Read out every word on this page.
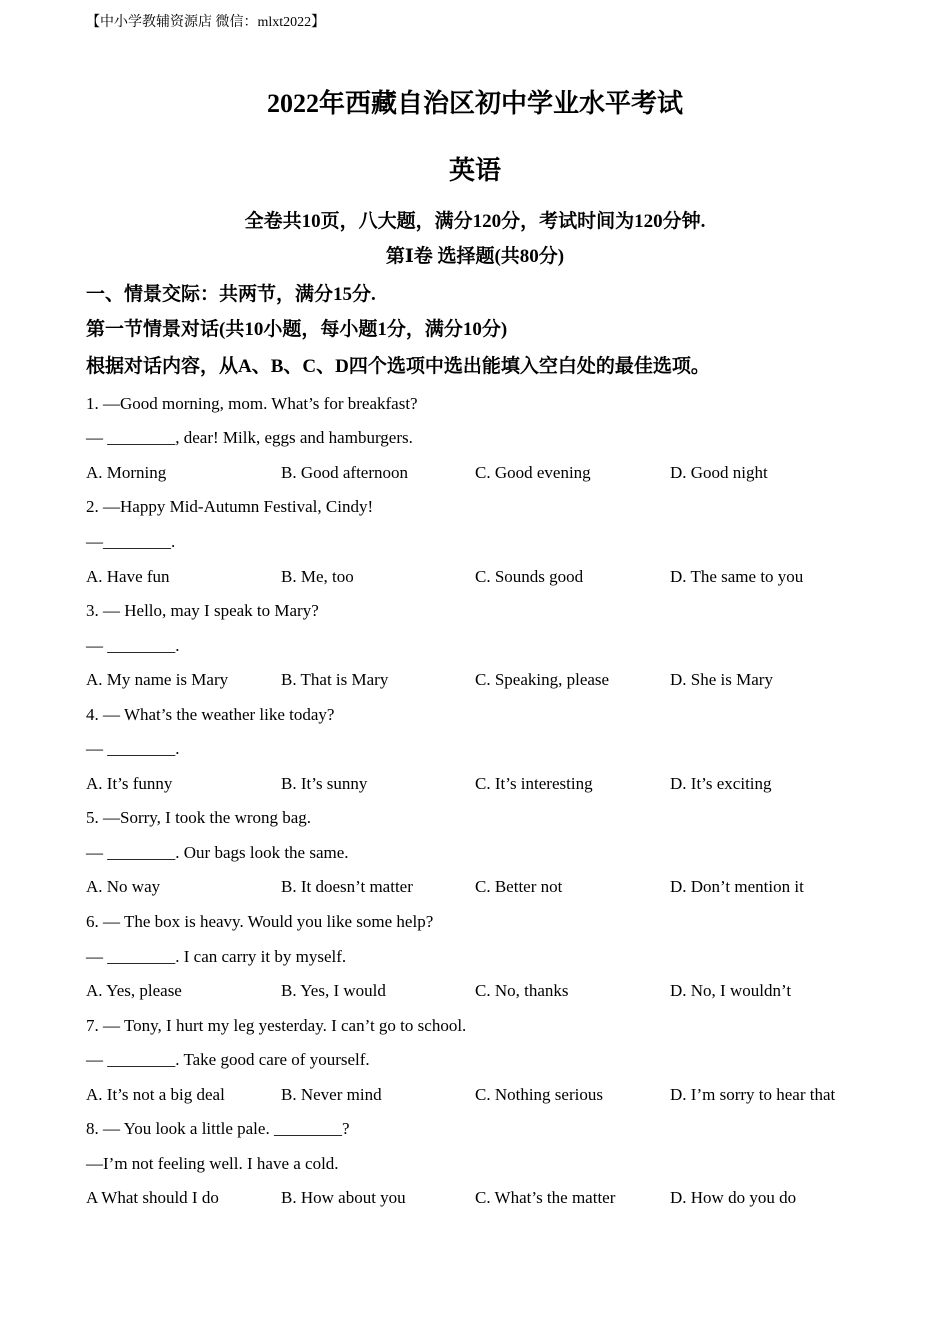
【中小学教辅资源店 微信：mlxt2022】
2022年西藏自治区初中学业水平考试
英语
全卷共10页，八大题，满分120分，考试时间为120分钟.
第Ⅰ卷 选择题(共80分)
一、情景交际：共两节，满分15分.
第一节情景对话(共10小题，每小题1分，满分10分)
根据对话内容，从A、B、C、D四个选项中选出能填入空白处的最佳选项。
1. —Good morning, mom. What’s for breakfast?
— ________, dear! Milk, eggs and hamburgers.
A. Morning	B. Good afternoon	C. Good evening	D. Good night
2. —Happy Mid-Autumn Festival, Cindy!
—________.
A. Have fun	B. Me, too	C. Sounds good	D. The same to you
3. — Hello, may I speak to Mary?
— ________.
A. My name is Mary	B. That is Mary	C. Speaking, please	D. She is Mary
4. — What’s the weather like today?
— ________.
A. It’s funny	B. It’s sunny	C. It’s interesting	D. It’s exciting
5. —Sorry, I took the wrong bag.
— ________. Our bags look the same.
A. No way	B. It doesn’t matter	C. Better not	D. Don’t mention it
6. — The box is heavy. Would you like some help?
— ________. I can carry it by myself.
A. Yes, please	B. Yes, I would	C. No, thanks	D. No, I wouldn’t
7. — Tony, I hurt my leg yesterday. I can’t go to school.
— ________. Take good care of yourself.
A. It’s not a big deal	B. Never mind	C. Nothing serious	D. I’m sorry to hear that
8. — You look a little pale. ________?
—I’m not feeling well. I have a cold.
A What should I do	B. How about you	C. What’s the matter	D. How do you do
